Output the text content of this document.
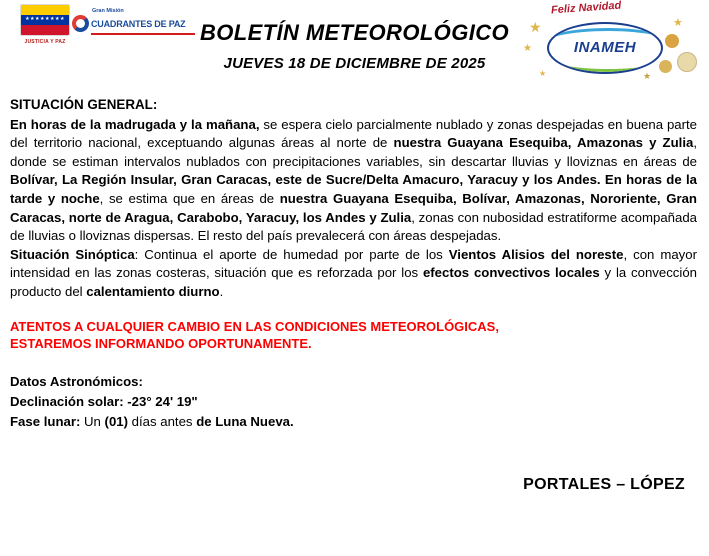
★★★★★★★★
JUSTICIA Y PAZ
Gran Misión
CUADRANTES DE PAZ BOLETÍN METEOROLÓGICO
JUEVES 18 DE DICIEMBRE DE 2025
Feliz Navidad
INAMEH
★
★
★
★
★
SITUACIÓN GENERAL:

En horas de la madrugada y la mañana, se espera cielo parcialmente nublado y zonas despejadas en buena parte del territorio nacional, exceptuando algunas áreas al norte de nuestra Guayana Esequiba, Amazonas y Zulia, donde se estiman intervalos nublados con precipitaciones variables, sin descartar lluvias y lloviznas en áreas de Bolívar, La Región Insular, Gran Caracas, este de Sucre/Delta Amacuro, Yaracuy y los Andes. En horas de la tarde y noche, se estima que en áreas de nuestra Guayana Esequiba, Bolívar, Amazonas, Nororiente, Gran Caracas, norte de Aragua, Carabobo, Yaracuy, los Andes y Zulia, zonas con nubosidad estratiforme acompañada de lluvias o lloviznas dispersas. El resto del país prevalecerá con áreas despejadas.

Situación Sinóptica: Continua el aporte de humedad por parte de los Vientos Alisios del noreste, con mayor intensidad en las zonas costeras, situación que es reforzada por los efectos convectivos locales y la convección producto del calentamiento diurno.

ATENTOS A CUALQUIER CAMBIO EN LAS CONDICIONES METEOROLÓGICAS,
ESTAREMOS INFORMANDO OPORTUNAMENTE.
Datos Astronómicos:
Declinación solar: -23° 24' 19"
Fase lunar: Un (01) días antes de Luna Nueva.
PORTALES – LÓPEZ
